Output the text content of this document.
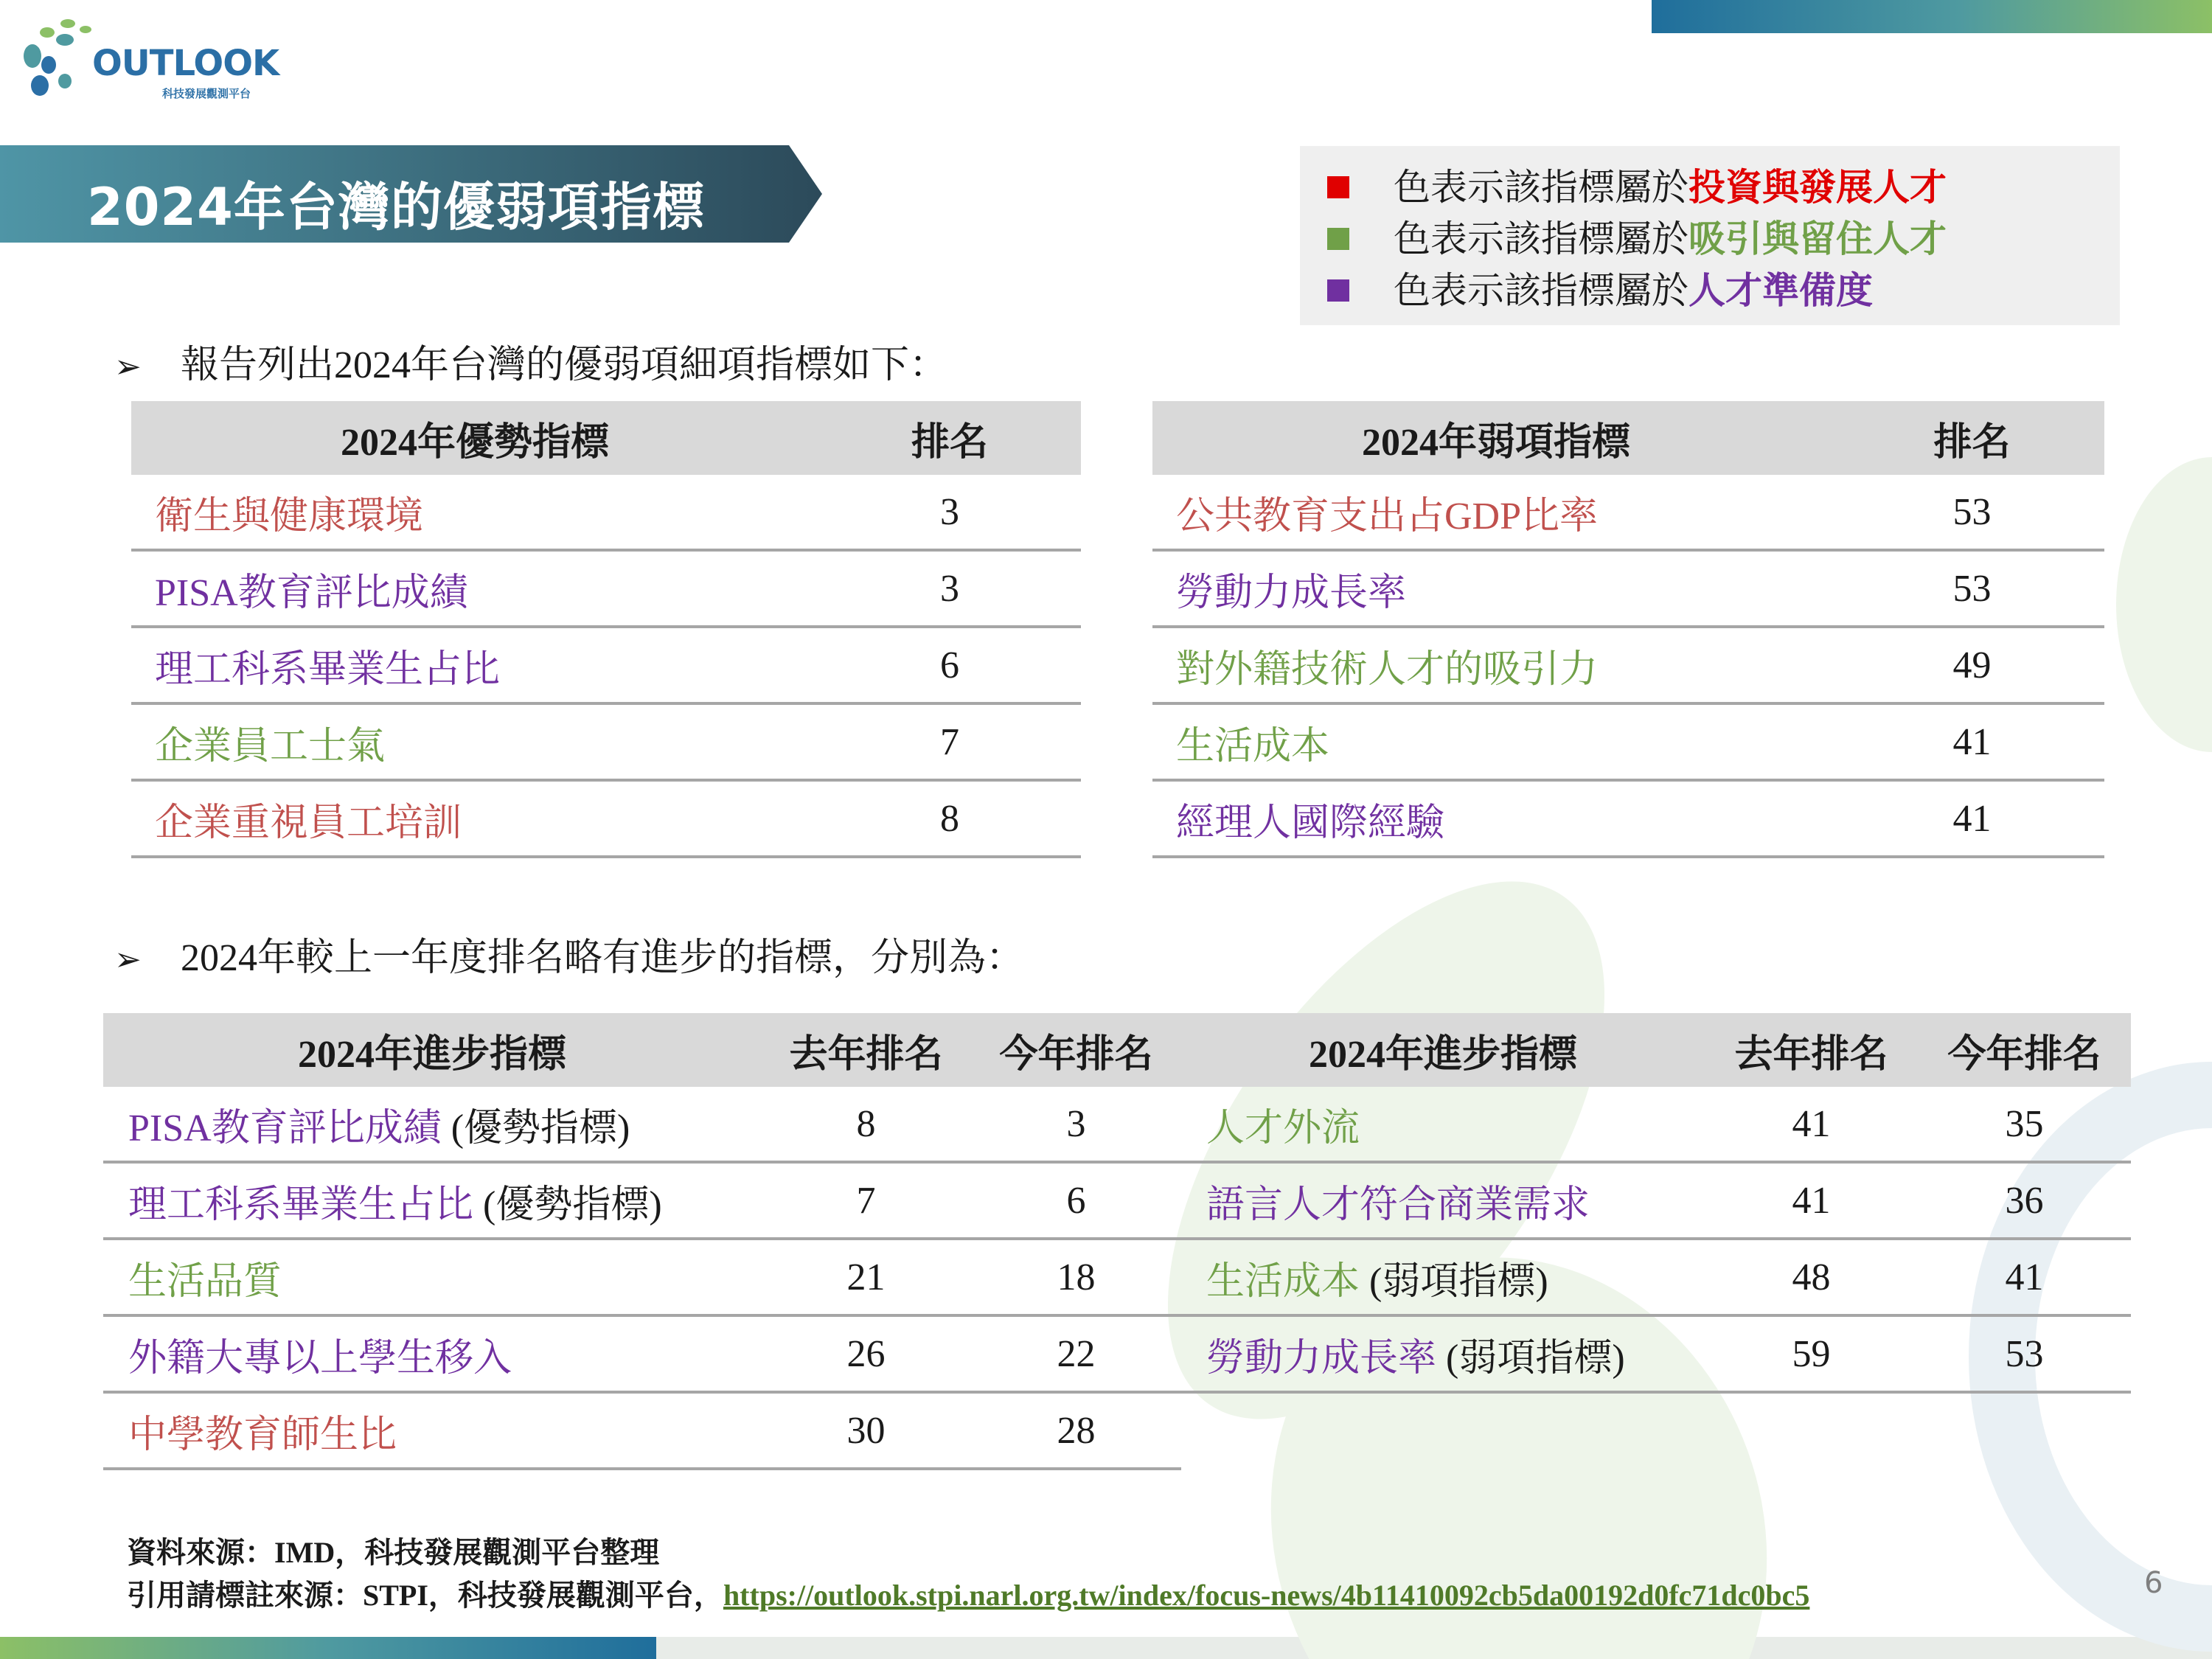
OUTLOOK
科技發展觀測平台
2024年台灣的優弱項指標	色表示該指標屬於投資與發展人才
色表示該指標屬於吸引與留住人才
色表示該指標屬於人才準備度
➢ 報告列出2024年台灣的優弱項細項指標如下：
2024年優勢指標	排名
衛生與健康環境	3
PISA教育評比成績	3
理工科系畢業生占比	6
企業員工士氣	7
企業重視員工培訓	8
2024年弱項指標	排名
公共教育支出占GDP比率	53
勞動力成長率	53
對外籍技術人才的吸引力	49
生活成本	41
經理人國際經驗	41
➢ 2024年較上一年度排名略有進步的指標，分別為：
2024年進步指標	去年排名	今年排名
PISA教育評比成績 (優勢指標)	8	3
理工科系畢業生占比 (優勢指標)	7	6
生活品質	21	18
外籍大專以上學生移入	26	22
中學教育師生比	30	28
2024年進步指標	去年排名	今年排名
人才外流	41	35
語言人才符合商業需求	41	36
生活成本 (弱項指標)	48	41
勞動力成長率 (弱項指標)	59	53
資料來源：IMD，科技發展觀測平台整理
引用請標註來源：STPI，科技發展觀測平台，https://outlook.stpi.narl.org.tw/index/focus-news/4b11410092cb5da00192d0fc71dc0bc5	6
